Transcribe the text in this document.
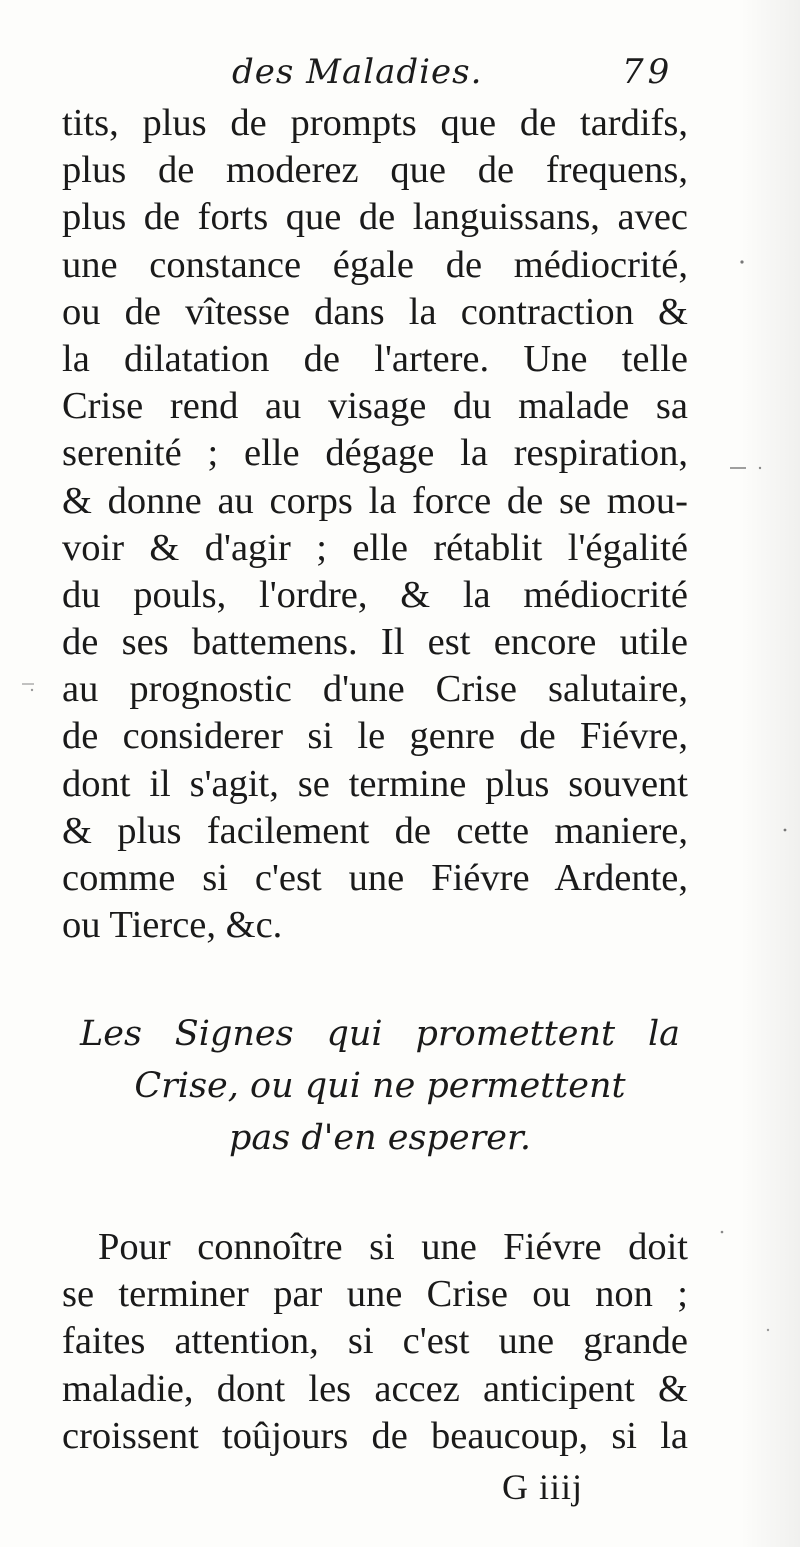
des Maladies.	79
tits, plus de prompts que de tardifs,
plus de moderez que de frequens,
plus de forts que de languissans, avec
une constance égale de médiocrité,
ou de vîtesse dans la contraction &
la dilatation de l'artere. Une telle
Crise rend au visage du malade sa
serenité ; elle dégage la respiration,
& donne au corps la force de se mou-
voir & d'agir ; elle rétablit l'égalité
du pouls, l'ordre, & la médiocrité
de ses battemens. Il est encore utile
au prognostic d'une Crise salutaire,
de considerer si le genre de Fiévre,
dont il s'agit, se termine plus souvent
& plus facilement de cette maniere,
comme si c'est une Fiévre Ardente,
ou Tierce, &c.
Les Signes qui promettent la
Crise, ou qui ne permettent
pas d'en esperer.
Pour connoître si une Fiévre doit
se terminer par une Crise ou non ;
faites attention, si c'est une grande
maladie, dont les accez anticipent &
croissent toûjours de beaucoup, si la
G iiij
